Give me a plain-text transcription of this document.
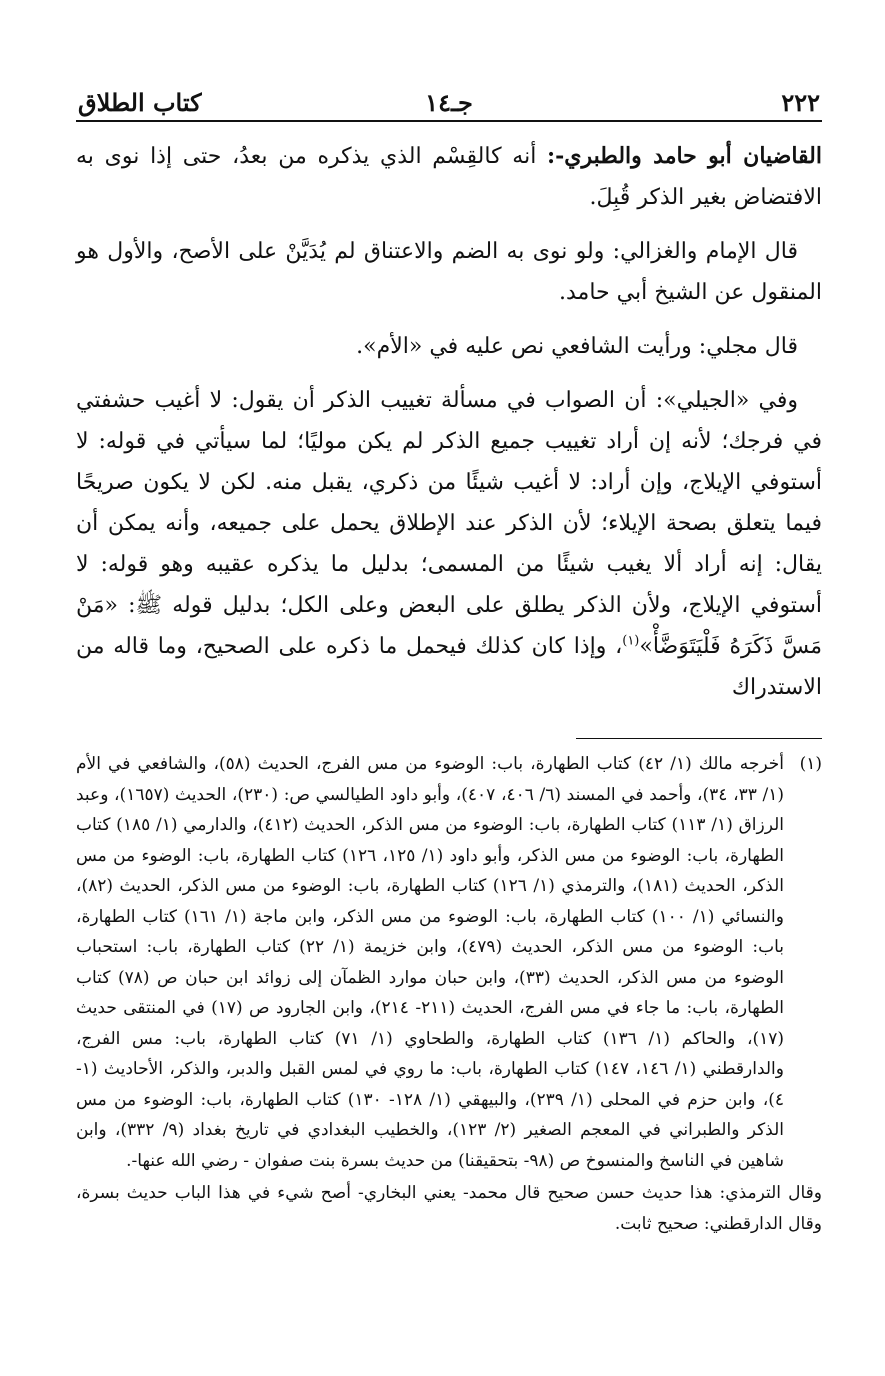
٢٢٢
جـ١٤
كتاب الطلاق

القاضيان أبو حامد والطبري-: أنه كالقِسْم الذي يذكره من بعدُ، حتى إذا نوى به الافتضاض بغير الذكر قُبِلَ.

قال الإمام والغزالي: ولو نوى به الضم والاعتناق لم يُدَيَّنْ على الأصح، والأول هو المنقول عن الشيخ أبي حامد.

قال مجلي: ورأيت الشافعي نص عليه في «الأم».

وفي «الجيلي»: أن الصواب في مسألة تغييب الذكر أن يقول: لا أغيب حشفتي في فرجك؛ لأنه إن أراد تغييب جميع الذكر لم يكن موليًا؛ لما سيأتي في قوله: لا أستوفي الإيلاج، وإن أراد: لا أغيب شيئًا من ذكري، يقبل منه. لكن لا يكون صريحًا فيما يتعلق بصحة الإيلاء؛ لأن الذكر عند الإطلاق يحمل على جميعه، وأنه يمكن أن يقال: إنه أراد ألا يغيب شيئًا من المسمى؛ بدليل ما يذكره عقيبه وهو قوله: لا أستوفي الإيلاج، ولأن الذكر يطلق على البعض وعلى الكل؛ بدليل قوله ﷺ: «مَنْ مَسَّ ذَكَرَهُ فَلْيَتَوَضَّأْ»$^{(١)}$، وإذا كان كذلك فيحمل ما ذكره على الصحيح، وما قاله من الاستدراك

(١)
أخرجه مالك (١/ ٤٢) كتاب الطهارة، باب: الوضوء من مس الفرج، الحديث (٥٨)، والشافعي في الأم (١/ ٣٣، ٣٤)، وأحمد في المسند (٦/ ٤٠٦، ٤٠٧)، وأبو داود الطيالسي ص: (٢٣٠)، الحديث (١٦٥٧)، وعبد الرزاق (١/ ١١٣) كتاب الطهارة، باب: الوضوء من مس الذكر، الحديث (٤١٢)، والدارمي (١/ ١٨٥) كتاب الطهارة، باب: الوضوء من مس الذكر، وأبو داود (١/ ١٢٥، ١٢٦) كتاب الطهارة، باب: الوضوء من مس الذكر، الحديث (١٨١)، والترمذي (١/ ١٢٦) كتاب الطهارة، باب: الوضوء من مس الذكر، الحديث (٨٢)، والنسائي (١/ ١٠٠) كتاب الطهارة، باب: الوضوء من مس الذكر، وابن ماجة (١/ ١٦١) كتاب الطهارة، باب: الوضوء من مس الذكر، الحديث (٤٧٩)، وابن خزيمة (١/ ٢٢) كتاب الطهارة، باب: استحباب الوضوء من مس الذكر، الحديث (٣٣)، وابن حبان موارد الظمآن إلى زوائد ابن حبان ص (٧٨) كتاب الطهارة، باب: ما جاء في مس الفرج، الحديث (٢١١- ٢١٤)، وابن الجارود ص (١٧) في المنتقى حديث (١٧)، والحاكم (١/ ١٣٦) كتاب الطهارة، والطحاوي (١/ ٧١) كتاب الطهارة، باب: مس الفرج، والدارقطني (١/ ١٤٦، ١٤٧) كتاب الطهارة، باب: ما روي في لمس القبل والدبر، والذكر، الأحاديث (١- ٤)، وابن حزم في المحلى (١/ ٢٣٩)، والبيهقي (١/ ١٢٨- ١٣٠) كتاب الطهارة، باب: الوضوء من مس الذكر والطبراني في المعجم الصغير (٢/ ١٢٣)، والخطيب البغدادي في تاريخ بغداد (٩/ ٣٣٢)، وابن شاهين في الناسخ والمنسوخ ص (٩٨- بتحقيقنا) من حديث بسرة بنت صفوان - رضي الله عنها-.

وقال الترمذي: هذا حديث حسن صحيح قال محمد- يعني البخاري- أصح شيء في هذا الباب حديث بسرة، وقال الدارقطني: صحيح ثابت.
